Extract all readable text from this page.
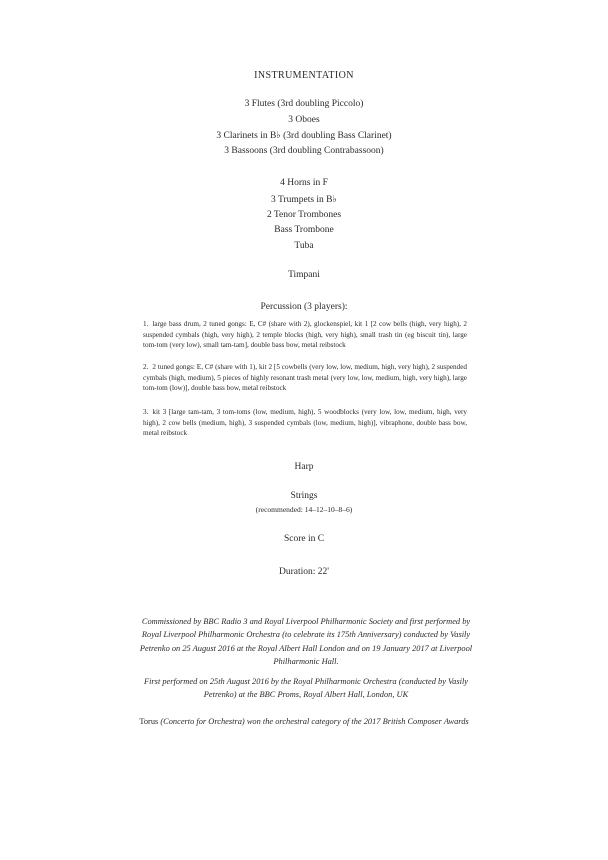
INSTRUMENTATION
3 Flutes (3rd doubling Piccolo)
3 Oboes
3 Clarinets in B♭ (3rd doubling Bass Clarinet)
3 Bassoons (3rd doubling Contrabassoon)
4 Horns in F
3 Trumpets in B♭
2 Tenor Trombones
Bass Trombone
Tuba
Timpani
Percussion (3 players):
1. large bass drum, 2 tuned gongs: E, C# (share with 2), glockenspiel, kit 1 [2 cow bells (high, very high), 2 suspended cymbals (high, very high), 2 temple blocks (high, very high), small trash tin (eg biscuit tin), large tom-tom (very low), small tam-tam], double bass bow, metal reibstock
2. 2 tuned gongs: E, C# (share with 1), kit 2 [5 cowbells (very low, low, medium, high, very high), 2 suspended cymbals (high, medium), 5 pieces of highly resonant trash metal (very low, low, medium, high, very high), large tom-tom (low)], double bass bow, metal reibstock
3. kit 3 [large tam-tam, 3 tom-toms (low, medium, high), 5 woodblocks (very low, low, medium, high, very high), 2 cow bells (medium, high), 3 suspended cymbals (low, medium, high)], vibraphone, double bass bow, metal reibstock
Harp
Strings
(recommended: 14–12–10–8–6)
Score in C
Duration: 22'
Commissioned by BBC Radio 3 and Royal Liverpool Philharmonic Society and first performed by Royal Liverpool Philharmonic Orchestra (to celebrate its 175th Anniversary) conducted by Vasily Petrenko on 25 August 2016 at the Royal Albert Hall London and on 19 January 2017 at Liverpool Philharmonic Hall.
First performed on 25th August 2016 by the Royal Philharmonic Orchestra (conducted by Vasily Petrenko) at the BBC Proms, Royal Albert Hall, London, UK
Torus (Concerto for Orchestra) won the orchestral category of the 2017 British Composer Awards
